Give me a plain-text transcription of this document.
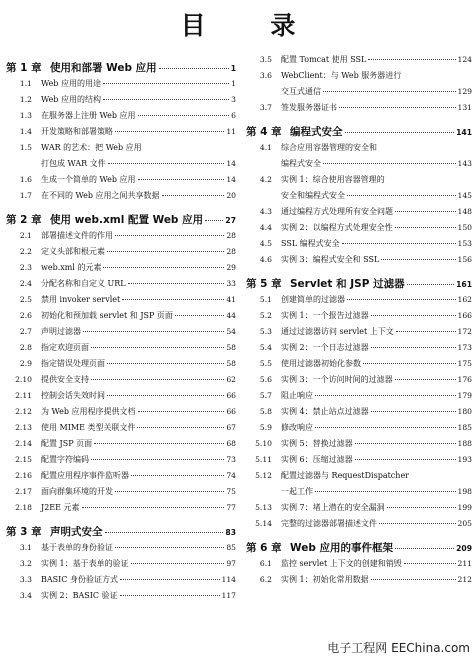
目 录
第 1 章 使用和部署 Web 应用	1
1.1 Web 应用的用途	1
1.2 Web 应用的结构	3
1.3 在服务器上注册 Web 应用	6
1.4 开发策略和部署策略	11
1.5 WAR 的艺术：把 Web 应用
打包成 WAR 文件	14
1.6 生成一个简单的 Web 应用	14
1.7 在不同的 Web 应用之间共享数据	20
第 2 章 使用 web.xml 配置 Web 应用	27
2.1 部署描述文件的作用	28
2.2 定义头部和根元素	28
2.3 web.xml 的元素	29
2.4 分配名称和自定义 URL	33
2.5 禁用 invoker servlet	41
2.6 初始化和预加载 servlet 和 JSP 页面	44
2.7 声明过滤器	54
2.8 指定欢迎页面	58
2.9 指定错误处理页面	58
2.10 提供安全支持	62
2.11 控制会话失效时间	66
2.12 为 Web 应用程序提供文档	66
2.13 使用 MIME 类型关联文件	67
2.14 配置 JSP 页面	68
2.15 配置字符编码	73
2.16 配置应用程序事件监听器	74
2.17 面向群集环境的开发	75
2.18 J2EE 元素	77
第 3 章 声明式安全	83
3.1 基于表单的身份验证	85
3.2 实例 1：基于表单的验证	97
3.3 BASIC 身份验证方式	114
3.4 实例 2：BASIC 验证	117
3.5 配置 Tomcat 使用 SSL	124
3.6 WebClient：与 Web 服务器进行
交互式通信	129
3.7 签发服务器证书	131
第 4 章 编程式安全	141
4.1 综合应用容器管理的安全和
编程式安全	143
4.2 实例 1：综合使用容器管理的
安全和编程式安全	145
4.3 通过编程方式处理所有安全问题	148
4.4 实例 2：以编程方式处理安全性	150
4.5 SSL 编程式安全	153
4.6 实例 3：编程式安全和 SSL	156
第 5 章 Servlet 和 JSP 过滤器	161
5.1 创建简单的过滤器	162
5.2 实例 1：一个报告过滤器	166
5.3 通过过滤器访问 servlet 上下文	172
5.4 实例 2：一个日志过滤器	173
5.5 使用过滤器初始化参数	175
5.6 实例 3：一个访问时间的过滤器	176
5.7 阻止响应	179
5.8 实例 4：禁止站点过滤器	180
5.9 修改响应	185
5.10 实例 5：替换过滤器	188
5.11 实例 6：压缩过滤器	193
5.12 配置过滤器与 RequestDispatcher
一起工作	198
5.13 实例 7：堵上潜在的安全漏洞	199
5.14 完整的过滤器部署描述文件	205
第 6 章 Web 应用的事件框架	209
6.1 监控 servlet 上下文的创建和销毁	211
6.2 实例 1：初始化常用数据	212
电子工程网 EEChina.com
